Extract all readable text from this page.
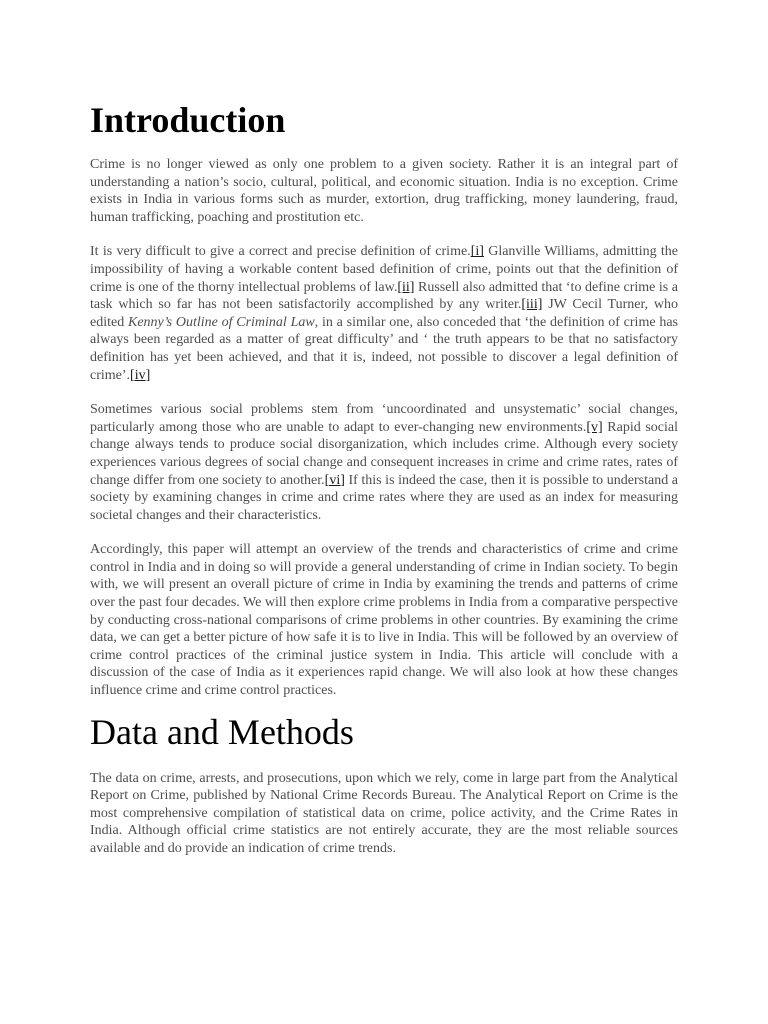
Introduction

Crime is no longer viewed as only one problem to a given society. Rather it is an integral part of understanding a nation’s socio, cultural, political, and economic situation. India is no exception. Crime exists in India in various forms such as murder, extortion, drug trafficking, money laundering, fraud, human trafficking, poaching and prostitution etc.

It is very difficult to give a correct and precise definition of crime.[i] Glanville Williams, admitting the impossibility of having a workable content based definition of crime, points out that the definition of crime is one of the thorny intellectual problems of law.[ii] Russell also admitted that ‘to define crime is a task which so far has not been satisfactorily accomplished by any writer.[iii] JW Cecil Turner, who edited Kenny’s Outline of Criminal Law, in a similar one, also conceded that ‘the definition of crime has always been regarded as a matter of great difficulty’ and ‘ the truth appears to be that no satisfactory definition has yet been achieved, and that it is, indeed, not possible to discover a legal definition of crime’.[iv]

Sometimes various social problems stem from ‘uncoordinated and unsystematic’ social changes, particularly among those who are unable to adapt to ever-changing new environments.[v] Rapid social change always tends to produce social disorganization, which includes crime. Although every society experiences various degrees of social change and consequent increases in crime and crime rates, rates of change differ from one society to another.[vi] If this is indeed the case, then it is possible to understand a society by examining changes in crime and crime rates where they are used as an index for measuring societal changes and their characteristics.

Accordingly, this paper will attempt an overview of the trends and characteristics of crime and crime control in India and in doing so will provide a general understanding of crime in Indian society. To begin with, we will present an overall picture of crime in India by examining the trends and patterns of crime over the past four decades. We will then explore crime problems in India from a comparative perspective by conducting cross-national comparisons of crime problems in other countries. By examining the crime data, we can get a better picture of how safe it is to live in India. This will be followed by an overview of crime control practices of the criminal justice system in India. This article will conclude with a discussion of the case of India as it experiences rapid change. We will also look at how these changes influence crime and crime control practices.

Data and Methods

The data on crime, arrests, and prosecutions, upon which we rely, come in large part from the Analytical Report on Crime, published by National Crime Records Bureau. The Analytical Report on Crime is the most comprehensive compilation of statistical data on crime, police activity, and the Crime Rates in India. Although official crime statistics are not entirely accurate, they are the most reliable sources available and do provide an indication of crime trends.
